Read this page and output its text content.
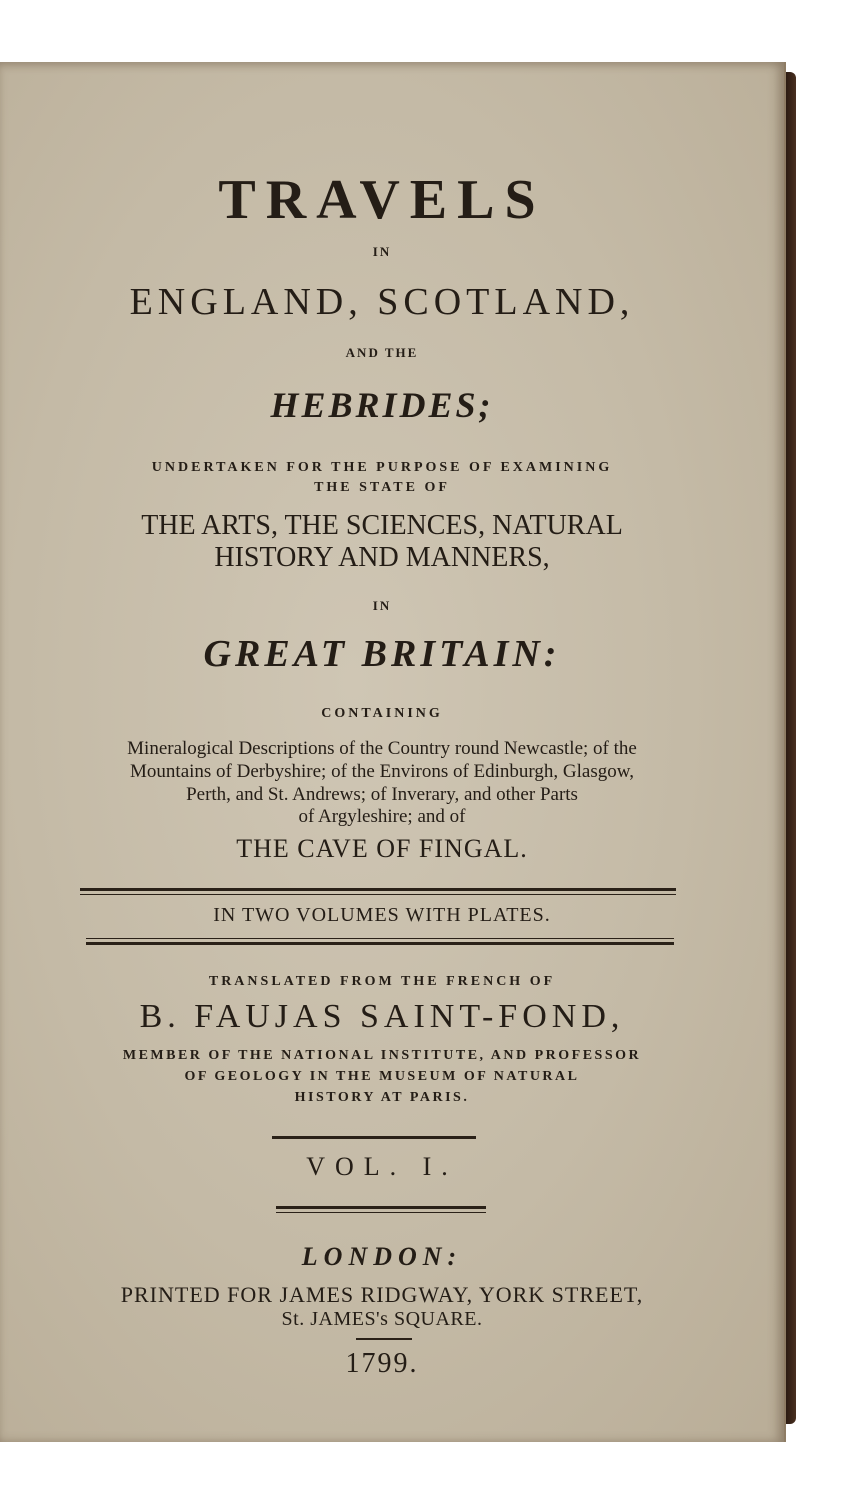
TRAVELS
IN
ENGLAND, SCOTLAND,
AND THE
HEBRIDES;
UNDERTAKEN FOR THE PURPOSE OF EXAMINING
THE STATE OF
THE ARTS, THE SCIENCES, NATURAL
HISTORY AND MANNERS,
IN
GREAT BRITAIN:
CONTAINING
Mineralogical Descriptions of the Country round Newcastle; of the
Mountains of Derbyshire; of the Environs of Edinburgh, Glasgow,
Perth, and St. Andrews; of Inverary, and other Parts
of Argyleshire; and of
THE CAVE OF FINGAL.
IN TWO VOLUMES WITH PLATES.
TRANSLATED FROM THE FRENCH OF
B. FAUJAS SAINT-FOND,
MEMBER OF THE NATIONAL INSTITUTE, AND PROFESSOR
OF GEOLOGY IN THE MUSEUM OF NATURAL
HISTORY AT PARIS.
VOL. I.
LONDON:
PRINTED FOR JAMES RIDGWAY, YORK STREET,
St. JAMES's SQUARE.
1799.
